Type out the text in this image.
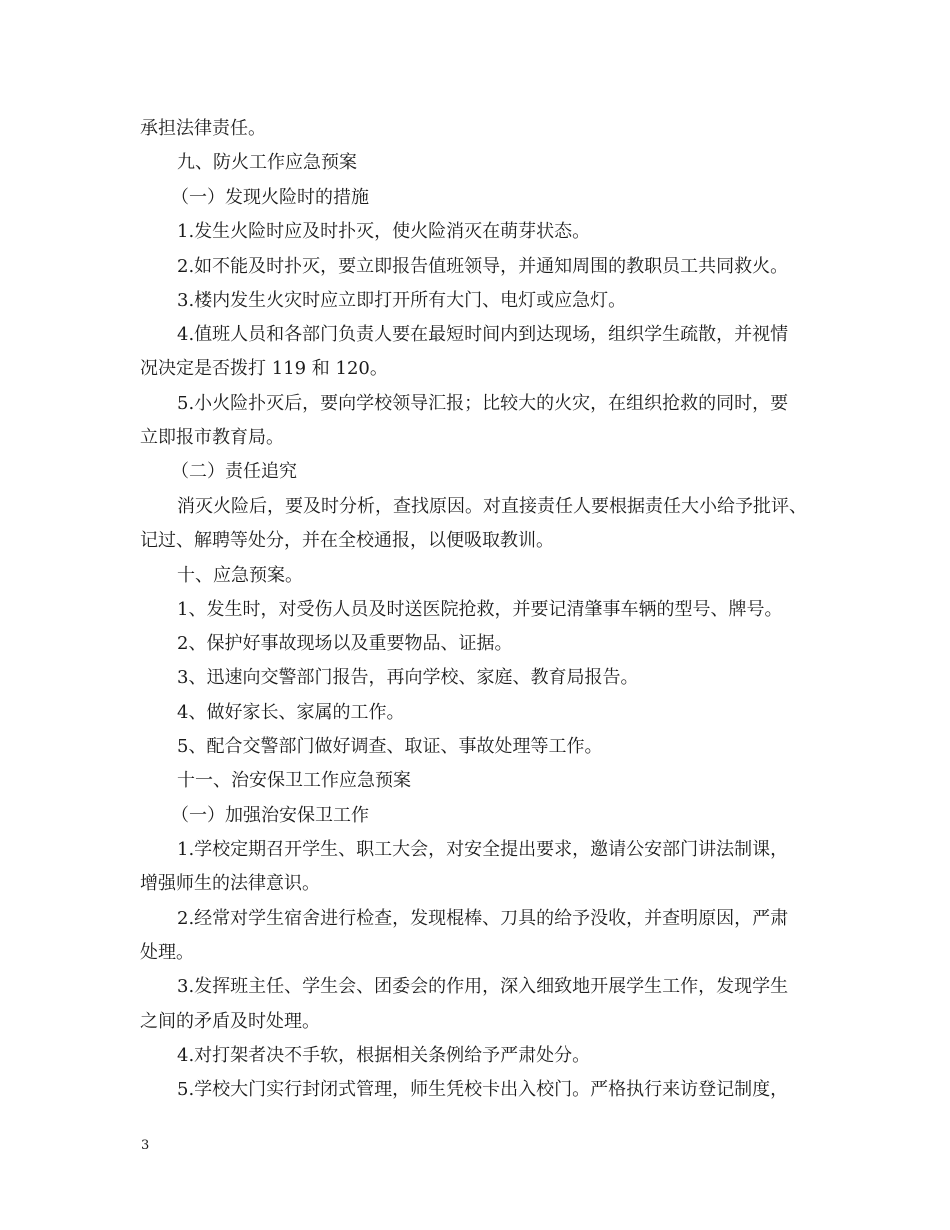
承担法律责任。
九、防火工作应急预案
（一）发现火险时的措施
1.发生火险时应及时扑灭，使火险消灭在萌芽状态。
2.如不能及时扑灭，要立即报告值班领导，并通知周围的教职员工共同救火。
3.楼内发生火灾时应立即打开所有大门、电灯或应急灯。
4.值班人员和各部门负责人要在最短时间内到达现场，组织学生疏散，并视情
况决定是否拨打 119 和 120。
5.小火险扑灭后，要向学校领导汇报；比较大的火灾，在组织抢救的同时，要
立即报市教育局。
（二）责任追究
消灭火险后，要及时分析，查找原因。对直接责任人要根据责任大小给予批评、
记过、解聘等处分，并在全校通报，以便吸取教训。
十、应急预案。
1、发生时，对受伤人员及时送医院抢救，并要记清肇事车辆的型号、牌号。
2、保护好事故现场以及重要物品、证据。
3、迅速向交警部门报告，再向学校、家庭、教育局报告。
4、做好家长、家属的工作。
5、配合交警部门做好调查、取证、事故处理等工作。
十一、治安保卫工作应急预案
（一）加强治安保卫工作
1.学校定期召开学生、职工大会，对安全提出要求，邀请公安部门讲法制课，
增强师生的法律意识。
2.经常对学生宿舍进行检查，发现棍棒、刀具的给予没收，并查明原因，严肃
处理。
3.发挥班主任、学生会、团委会的作用，深入细致地开展学生工作，发现学生
之间的矛盾及时处理。
4.对打架者决不手软，根据相关条例给予严肃处分。
5.学校大门实行封闭式管理，师生凭校卡出入校门。严格执行来访登记制度，
3
